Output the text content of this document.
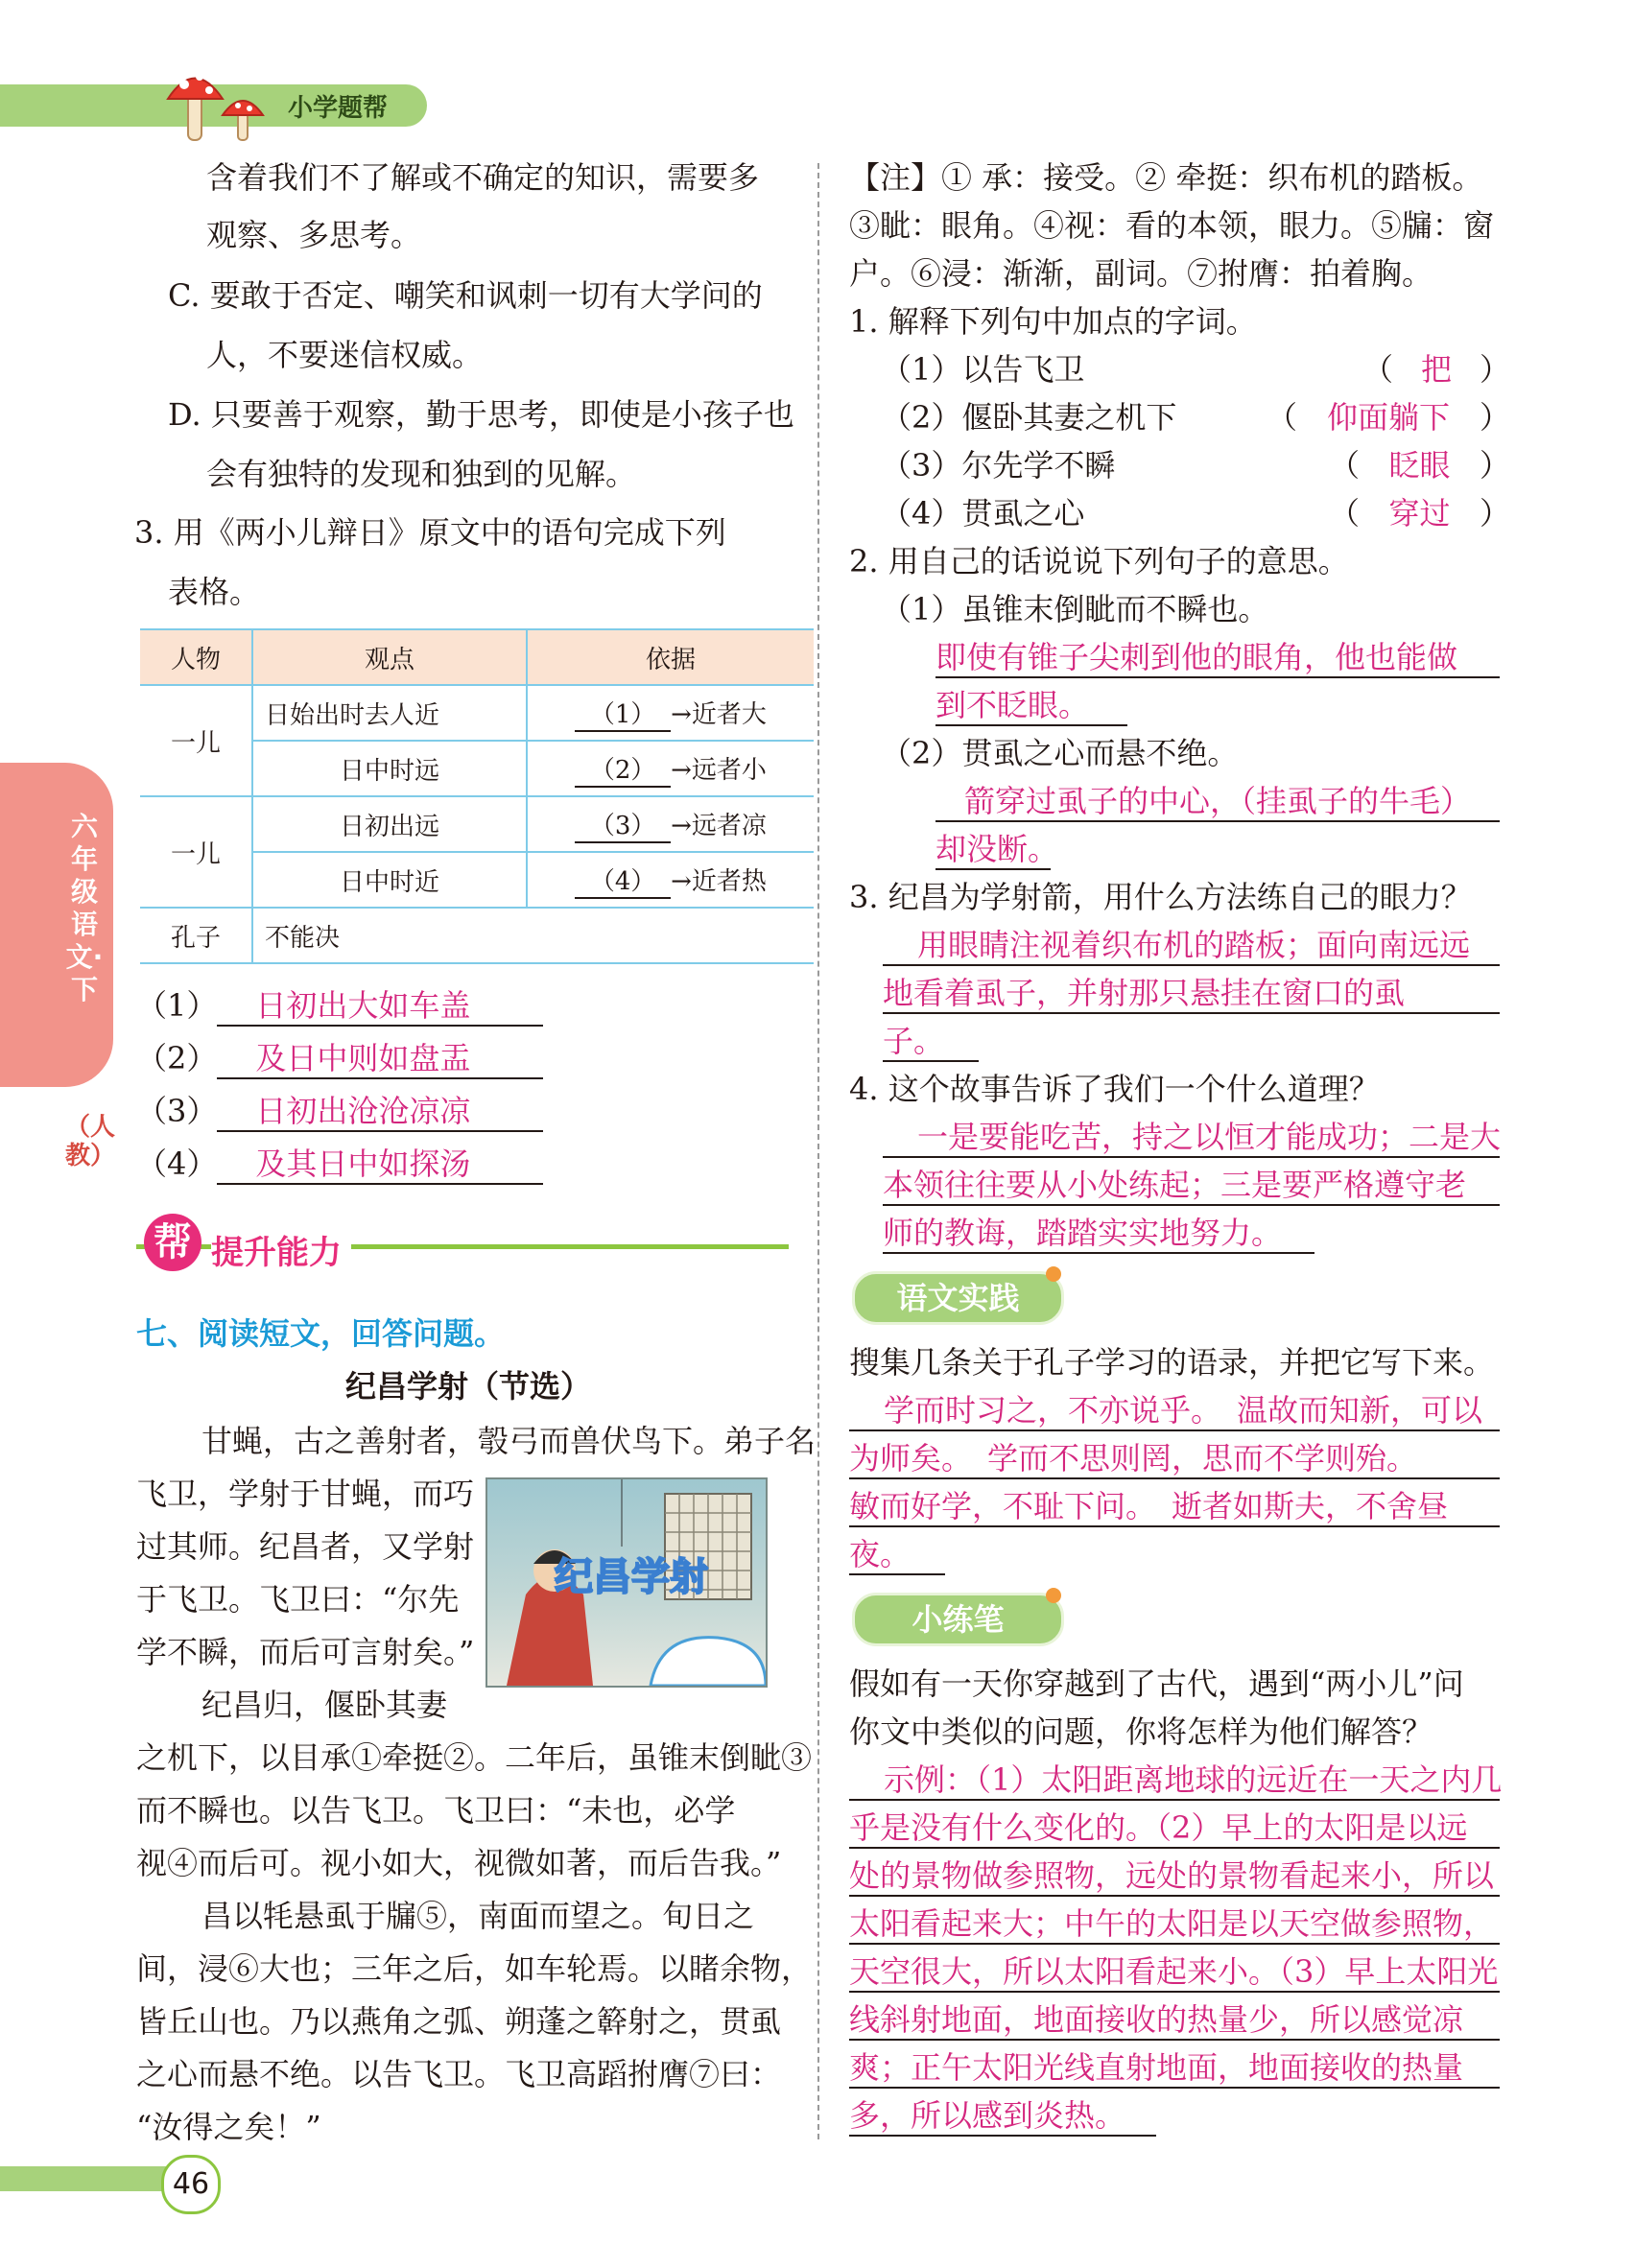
小学题帮
六年级语文·下
（人教）
含着我们不了解或不确定的知识，需要多
观察、多思考。
C. 要敢于否定、嘲笑和讽刺一切有大学问的
人，不要迷信权威。
D. 只要善于观察，勤于思考，即使是小孩子也
会有独特的发现和独到的见解。
3. 用《两小儿辩日》原文中的语句完成下列
表格。
人物	观点	依据
一儿	日始出时去人近	（1） →近者大
	日中时远	（2） →远者小
一儿	日初出远	（3） →远者凉
	日中时近	（4） →近者热
孔子	不能决	
（1） 日初出大如车盖
（2） 及日中则如盘盂
（3） 日初出沧沧凉凉
（4） 及其日中如探汤
帮 提升能力
七、阅读短文，回答问题。
纪昌学射（节选）
甘蝇，古之善射者，彀弓而兽伏鸟下。弟子名
飞卫，学射于甘蝇，而巧
过其师。纪昌者，又学射
于飞卫。飞卫曰：“尔先
学不瞬，而后可言射矣。”
纪昌归，偃卧其妻
之机下，以目承①牵挺②。二年后，虽锥末倒眦③
而不瞬也。以告飞卫。飞卫曰：“未也，必学
视④而后可。视小如大，视微如著，而后告我。”
昌以牦悬虱于牖⑤，南面而望之。旬日之
间，浸⑥大也；三年之后，如车轮焉。以睹余物，
皆丘山也。乃以燕角之弧、朔蓬之簳射之，贯虱
之心而悬不绝。以告飞卫。飞卫高蹈拊膺⑦曰：
“汝得之矣！”
纪昌学射
【注】① 承：接受。② 牵挺：织布机的踏板。
③眦：眼角。④视：看的本领，眼力。⑤牖：窗
户。⑥浸：渐渐，副词。⑦拊膺：拍着胸。
1. 解释下列句中加点的字词。
（1）以告飞卫	（ 把 ）
（2）偃卧其妻之机下	（ 仰面躺下 ）
（3）尔先学不瞬	（ 眨眼 ）
（4）贯虱之心	（ 穿过 ）
2. 用自己的话说说下列句子的意思。
（1）虽锥末倒眦而不瞬也。
即使有锥子尖刺到他的眼角，他也能做
到不眨眼。
（2）贯虱之心而悬不绝。
箭穿过虱子的中心，（挂虱子的牛毛）
却没断。
3. 纪昌为学射箭，用什么方法练自己的眼力？
用眼睛注视着织布机的踏板；面向南远远
地看着虱子，并射那只悬挂在窗口的虱
子。
4. 这个故事告诉了我们一个什么道理？
一是要能吃苦，持之以恒才能成功；二是大
本领往往要从小处练起；三是要严格遵守老
师的教诲，踏踏实实地努力。
语文实践
搜集几条关于孔子学习的语录，并把它写下来。
学而时习之，不亦说乎。　温故而知新，可以
为师矣。　学而不思则罔，思而不学则殆。
敏而好学，不耻下问。　逝者如斯夫，不舍昼
夜。
小练笔
假如有一天你穿越到了古代，遇到“两小儿”问
你文中类似的问题，你将怎样为他们解答？
示例：（1）太阳距离地球的远近在一天之内几
乎是没有什么变化的。（2）早上的太阳是以远
处的景物做参照物，远处的景物看起来小，所以
太阳看起来大；中午的太阳是以天空做参照物，
天空很大，所以太阳看起来小。（3）早上太阳光
线斜射地面，地面接收的热量少，所以感觉凉
爽；正午太阳光线直射地面，地面接收的热量
多，所以感到炎热。
46
